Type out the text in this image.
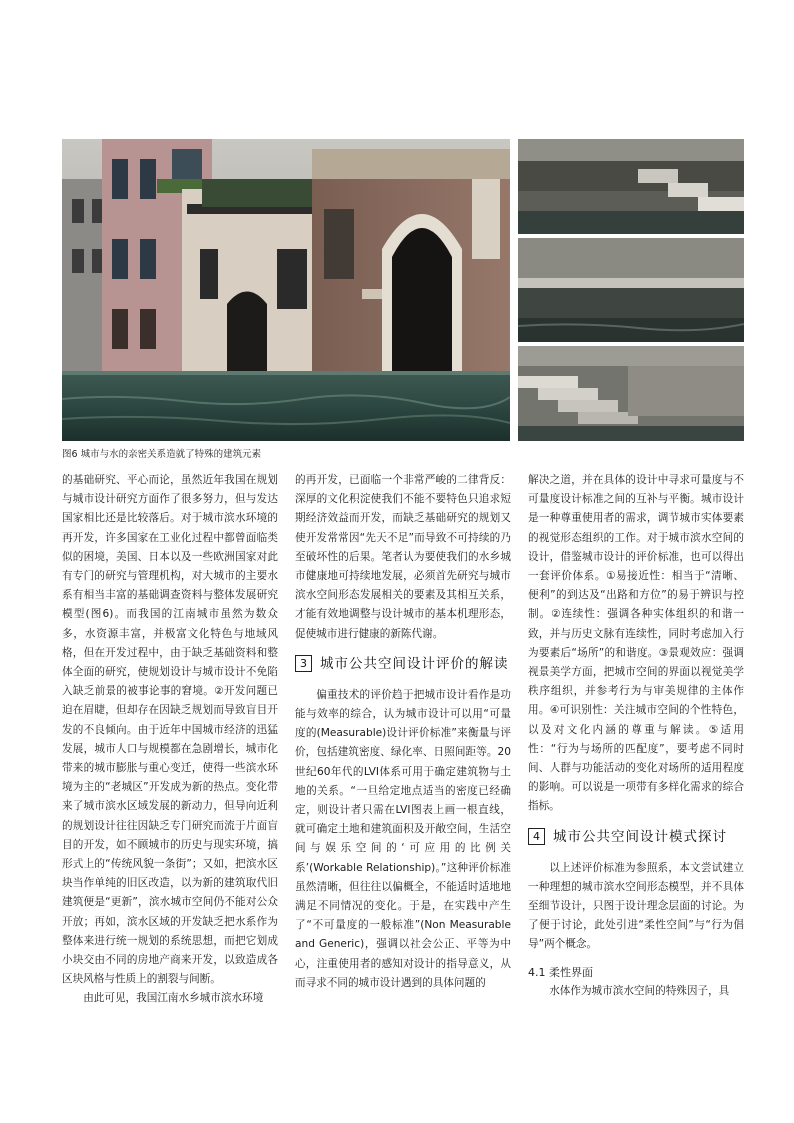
图6 城市与水的亲密关系造就了特殊的建筑元素

的基础研究、平心而论，虽然近年我国在规划与城市设计研究方面作了很多努力，但与发达国家相比还是比较落后。对于城市滨水环境的再开发，许多国家在工业化过程中都曾面临类似的困境，美国、日本以及一些欧洲国家对此有专门的研究与管理机构，对大城市的主要水系有相当丰富的基础调查资料与整体发展研究模型(图6)。而我国的江南城市虽然为数众多，水资源丰富，并极富文化特色与地域风格，但在开发过程中，由于缺乏基础资料和整体全面的研究，使规划设计与城市设计不免陷入缺乏前景的被事论事的窘境。②开发问题已迫在眉睫，但却存在因缺乏规划而导致盲目开发的不良倾向。由于近年中国城市经济的迅猛发展，城市人口与规模都在急剧增长，城市化带来的城市膨胀与重心变迁，使得一些滨水环境为主的“老城区”开发成为新的热点。变化带来了城市滨水区域发展的新动力，但导向近利的规划设计往往因缺乏专门研究而流于片面盲目的开发，如不顾城市的历史与现实环境，搞形式上的“传统风貌一条街”；又如，把滨水区块当作单纯的旧区改造，以为新的建筑取代旧建筑便是“更新”，滨水城市空间仍不能对公众开放；再如，滨水区域的开发缺乏把水系作为整体来进行统一规划的系统思想，而把它划成小块交由不同的房地产商来开发，以致造成各区块风格与性质上的割裂与间断。

由此可见，我国江南水乡城市滨水环境

的再开发，已面临一个非常严峻的二律背反：深厚的文化积淀使我们不能不要特色只追求短期经济效益而开发，而缺乏基础研究的规划又使开发常常因“先天不足”而导致不可持续的乃至破坏性的后果。笔者认为要使我们的水乡城市健康地可持续地发展，必须首先研究与城市滨水空间形态发展相关的要素及其相互关系，才能有效地调整与设计城市的基本机理形态，促使城市进行健康的新陈代谢。

3 城市公共空间设计评价的解读

偏重技术的评价趋于把城市设计看作是功能与效率的综合，认为城市设计可以用“可量度的(Measurable)设计评价标准”来衡量与评价，包括建筑密度、绿化率、日照间距等。20世纪60年代的LVI体系可用于确定建筑物与土地的关系。“一旦给定地点适当的密度已经确定，则设计者只需在LVI图表上画一根直线，就可确定土地和建筑面积及开敞空间，生活空间与娱乐空间的‘可应用的比例关系’(Workable Relationship)。”这种评价标准虽然清晰，但往往以偏概全，不能适时适地地满足不同情况的变化。于是，在实践中产生了“不可量度的一般标准”(Non Measurable and Generic)，强调以社会公正、平等为中心，注重使用者的感知对设计的指导意义，从而寻求不同的城市设计遇到的具体问题的

解决之道，并在具体的设计中寻求可量度与不可量度设计标准之间的互补与平衡。城市设计是一种尊重使用者的需求，调节城市实体要素的视觉形态组织的工作。对于城市滨水空间的设计，借鉴城市设计的评价标准，也可以得出一套评价体系。①易接近性：相当于“清晰、便利”的到达及“出路和方位”的易于辨识与控制。②连续性：强调各种实体组织的和谐一致，并与历史文脉有连续性，同时考虑加入行为要素后“场所”的和谐度。③景观效应：强调视景美学方面，把城市空间的界面以视觉美学秩序组织，并参考行为与审美规律的主体作用。④可识别性：关注城市空间的个性特色，以及对文化内涵的尊重与解读。⑤适用性：“行为与场所的匹配度”，要考虑不同时间、人群与功能活动的变化对场所的适用程度的影响。可以说是一项带有多样化需求的综合指标。

4 城市公共空间设计模式探讨

以上述评价标准为参照系，本文尝试建立一种理想的城市滨水空间形态模型，并不具体至细节设计，只图于设计理念层面的讨论。为了便于讨论，此处引进“柔性空间”与“行为倡导”两个概念。

4.1 柔性界面

水体作为城市滨水空间的特殊因子，具
